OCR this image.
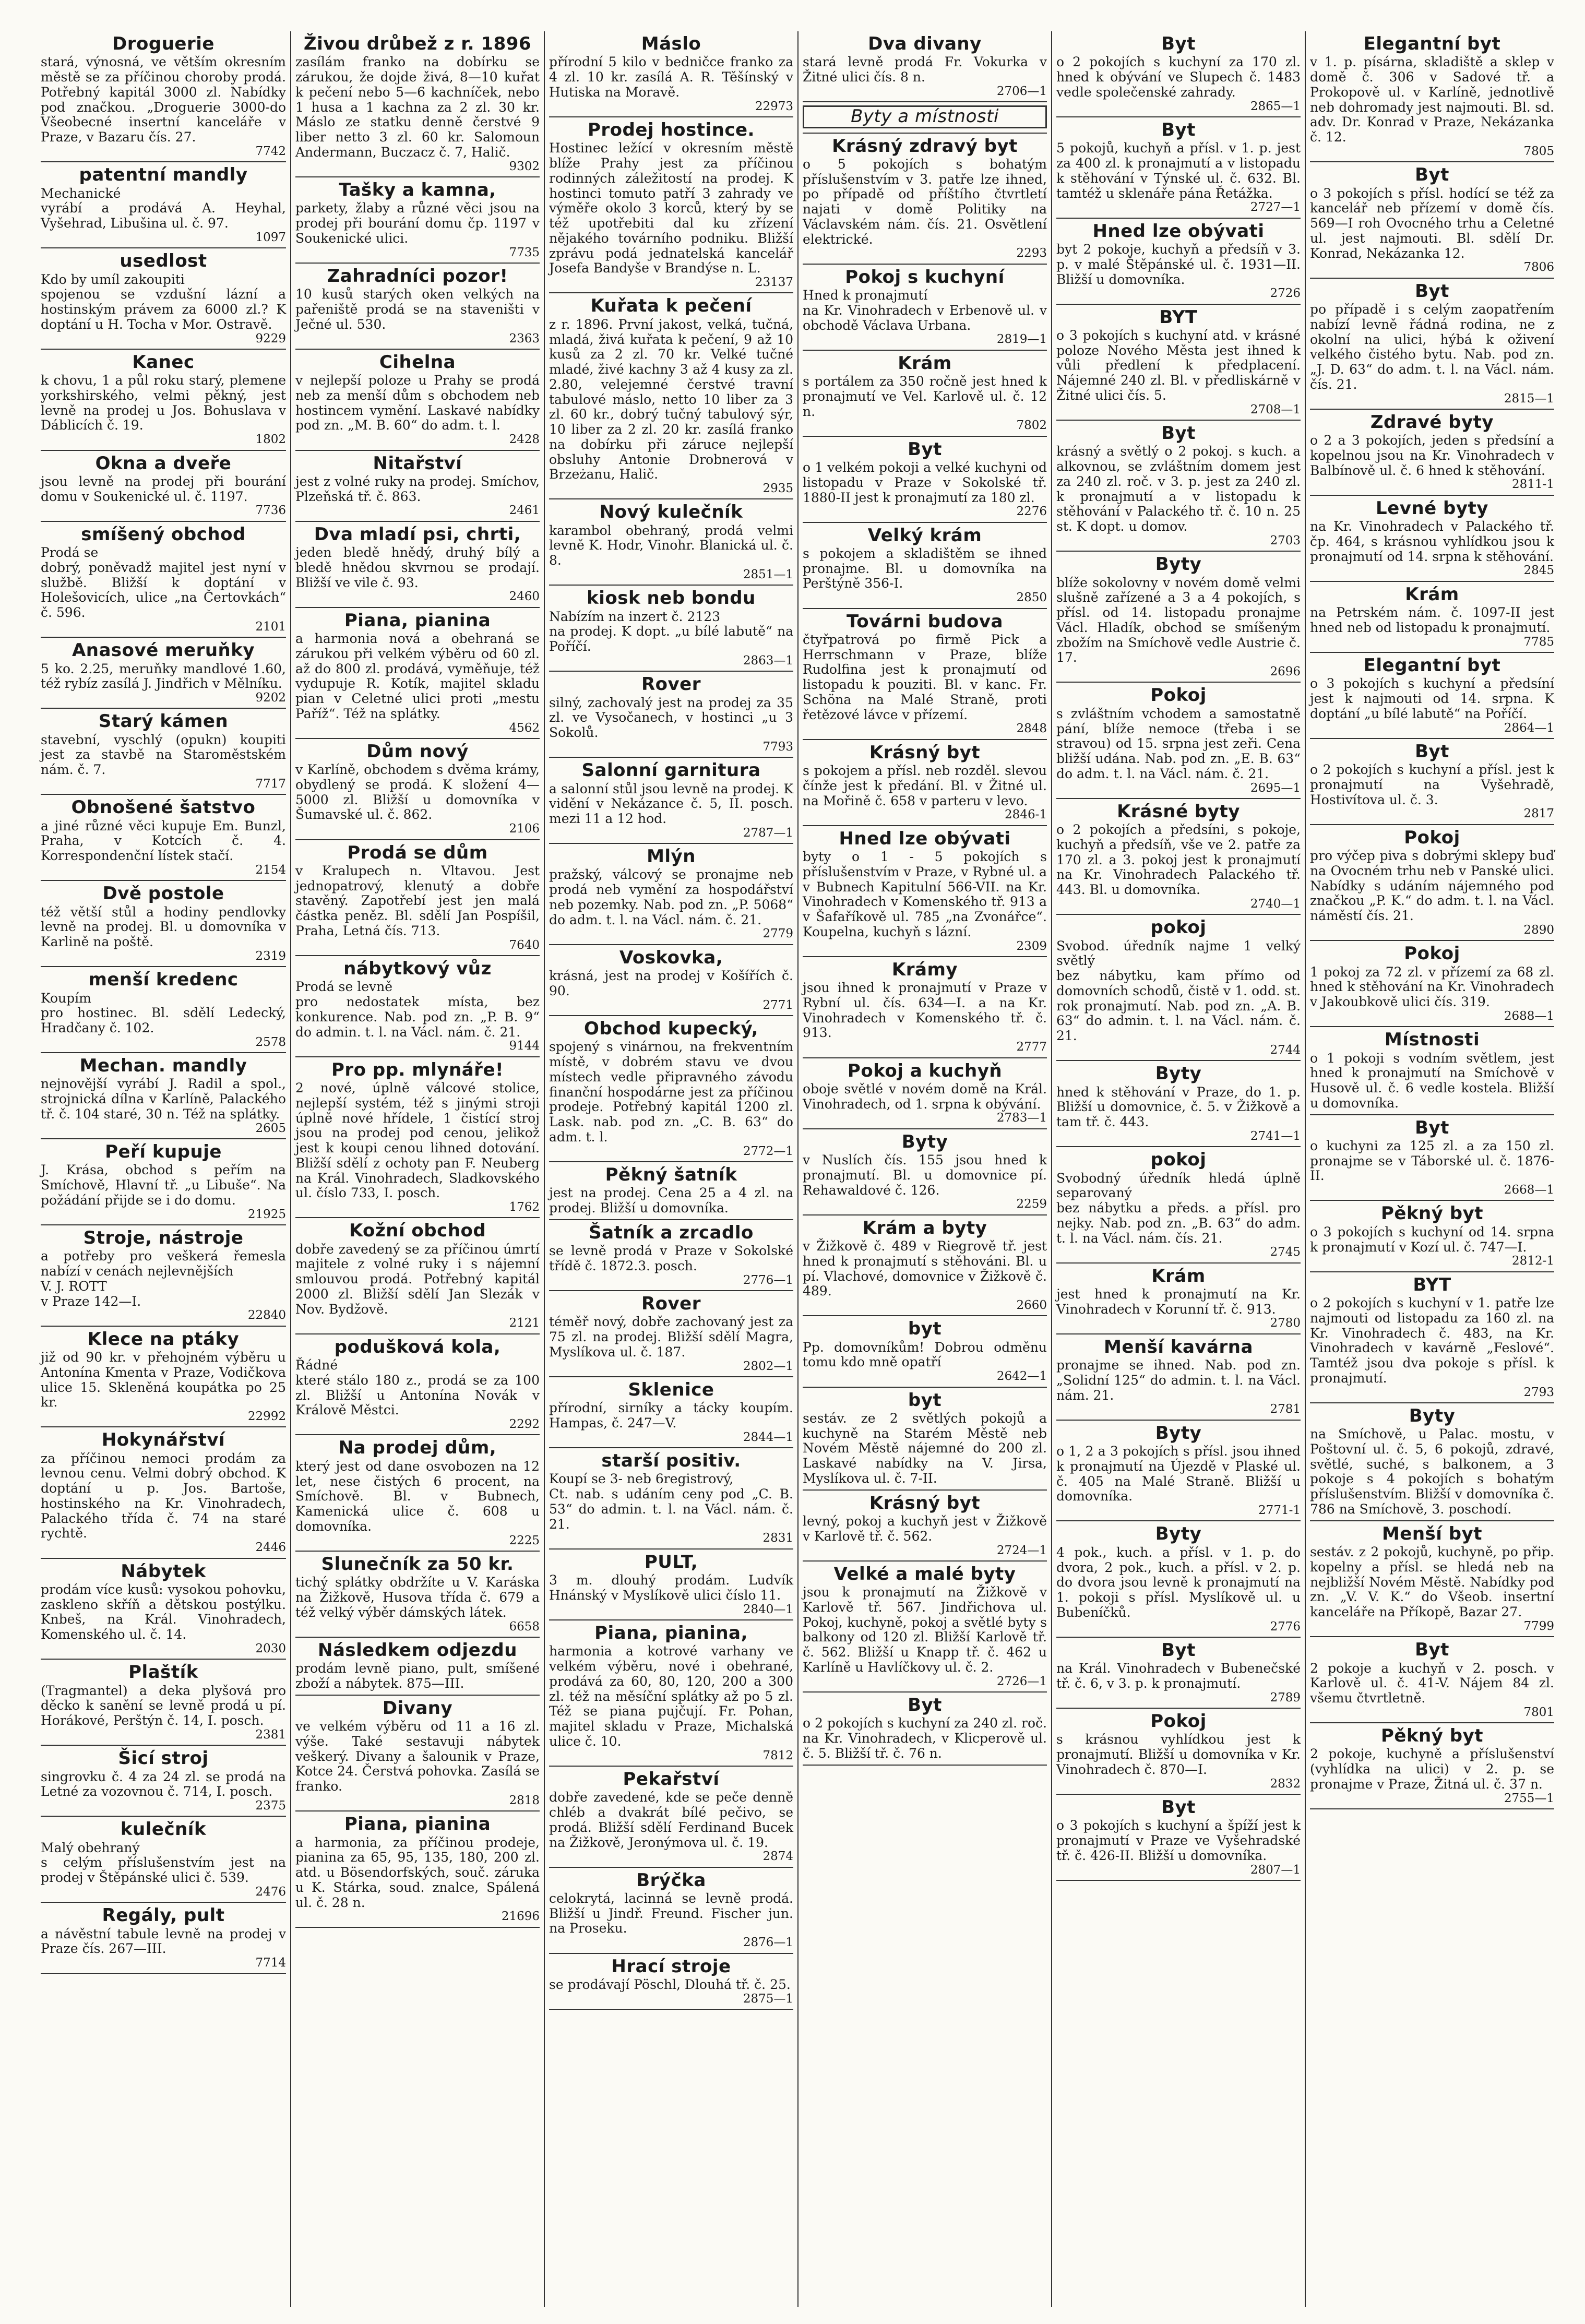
Droguerie
stará, výnosná, ve větším okresním městě se za příčinou choroby prodá. Potřebný kapitál 3000 zl. Nabídky pod značkou. „Droguerie 3000-do Všeobecné insertní kanceláře v Praze, v Bazaru čís. 27.
7742
patentní mandly
Mechanické
vyrábí a prodává A. Heyhal, Vyšehrad, Libušina ul. č. 97.
1097
usedlost
Kdo by umíl zakoupiti
spojenou se vzdušní lázní a hostinským právem za 6000 zl.? K doptání u H. Tocha v Mor. Ostravě.
9229
Kanec
k chovu, 1 a půl roku starý, plemene yorkshirského, velmi pěkný, jest levně na prodej u Jos. Bohuslava v Dáblicích č. 19.
1802
Okna a dveře
jsou levně na prodej při bourání domu v Soukenické ul. č. 1197.
7736
smíšený obchod
Prodá se
dobrý, poněvadž majitel jest nyní v službě. Bližší k doptání v Holešovicích, ulice „na Čertovkách“ č. 596.
2101
Anasové meruňky
5 ko. 2.25, meruňky mandlové 1.60, též rybíz zasílá J. Jindřich v Mělníku.
9202
Starý kámen
stavební, vyschlý (opukn) koupiti jest za stavbě na Staroměstském nám. č. 7.
7717
Obnošené šatstvo
a jiné různé věci kupuje Em. Bunzl, Praha, v Kotcích č. 4. Korrespondenční lístek stačí.
2154
Dvě postole
též větší stůl a hodiny pendlovky levně na prodej. Bl. u domovníka v Karlině na poště.
2319
menší kredenc
Koupím
pro hostinec. Bl. sdělí Ledecký, Hradčany č. 102.
2578
Mechan. mandly
nejnovější vyrábí J. Radil a spol., strojnická dílna v Karlíně, Palackého tř. č. 104 staré, 30 n. Též na splátky.
2605
Peří kupuje
J. Krása, obchod s peřím na Smíchově, Hlavní tř. „u Libuše“. Na požádání přijde se i do domu.
21925
Stroje, nástroje
a potřeby pro veškerá řemesla nabízí v cenách nejlevnějších
V. J. ROTT
v Praze 142—I.
22840
Klece na ptáky
již od 90 kr. v přehojném výběru u Antonína Kmenta v Praze, Vodičkova ulice 15. Skleněná koupátka po 25 kr.
22992
Hokynářství
za příčinou nemoci prodám za levnou cenu. Velmi dobrý obchod. K doptání u p. Jos. Bartoše, hostinského na Kr. Vinohradech, Palackého třída č. 74 na staré rychtě.
2446
Nábytek
prodám více kusů: vysokou pohovku, zaskleno skříň a dětskou postýlku. Knbeš, na Král. Vinohradech, Komenského ul. č. 14.
2030
Plaštík
(Tragmantel) a deka plyšová pro děcko k sanění se levně prodá u pí. Horákové, Perštýn č. 14, I. posch.
2381
Šicí stroj
singrovku č. 4 za 24 zl. se prodá na Letné za vozovnou č. 714, I. posch.
2375
kulečník
Malý obehraný
s celým příslušenstvím jest na prodej v Štěpánské ulici č. 539.
2476
Regály, pult
a návěstní tabule levně na prodej v Praze čís. 267—III.
7714
Živou drůbež z r. 1896
zasílám franko na dobírku se zárukou, že dojde živá, 8—10 kuřat k pečení nebo 5—6 kachníček, nebo 1 husa a 1 kachna za 2 zl. 30 kr. Máslo ze statku denně čerstvé 9 liber netto 3 zl. 60 kr. Salomoun Andermann, Buczacz č. 7, Halič.
9302
Tašky a kamna,
parkety, žlaby a různé věci jsou na prodej při bourání domu čp. 1197 v Soukenické ulici.
7735
Zahradníci pozor!
10 kusů starých oken velkých na pařeniště prodá se na staveništi v Ječné ul. 530.
2363
Cihelna
v nejlepší poloze u Prahy se prodá neb za menší dům s obchodem neb hostincem vymění. Laskavé nabídky pod zn. „M. B. 60“ do adm. t. l.
2428
Nitařství
jest z volné ruky na prodej. Smíchov, Plzeňská tř. č. 863.
2461
Dva mladí psi, chrti,
jeden bledě hnědý, druhý bílý a bledě hnědou skvrnou se prodají. Bližší ve vile č. 93.
2460
Piana, pianina
a harmonia nová a obehraná se zárukou při velkém výběru od 60 zl. až do 800 zl. prodává, vyměňuje, též vydupuje R. Kotík, majitel skladu pian v Celetné ulici proti „mestu Paříž“. Též na splátky.
4562
Dům nový
v Karlíně, obchodem s dvěma krámy, obydlený se prodá. K složení 4—5000 zl. Bližší u domovníka v Šumavské ul. č. 862.
2106
Prodá se dům
v Kralupech n. Vltavou. Jest jednopatrový, klenutý a dobře stavěný. Zapotřebí jest jen malá částka peněz. Bl. sdělí Jan Pospíšil, Praha, Letná čís. 713.
7640
nábytkový vůz
Prodá se levně
pro nedostatek místa, bez konkurence. Nab. pod zn. „P. B. 9“ do admin. t. l. na Václ. nám. č. 21.
9144
Pro pp. mlynáře!
2 nové, úplně válcové stolice, nejlepší systém, též s jinými stroji úplně nové hřídele, 1 čistící stroj jsou na prodej pod cenou, jelikož jest k koupi cenou lihned dotování. Bližší sdělí z ochoty pan F. Neuberg na Král. Vinohradech, Sladkovského ul. číslo 733, I. posch.
1762
Kožní obchod
dobře zavedený se za příčinou úmrtí majitele z volné ruky i s nájemní smlouvou prodá. Potřebný kapitál 2000 zl. Bližší sdělí Jan Slezák v Nov. Bydžově.
2121
podušková kola,
Řádné
které stálo 180 z., prodá se za 100 zl. Bližší u Antonína Novák v Králově Městci.
2292
Na prodej dům,
který jest od dane osvobozen na 12 let, nese čistých 6 procent, na Smíchově. Bl. v Bubnech, Kamenická ulice č. 608 u domovníka.
2225
Slunečník za 50 kr.
tichý splátky obdržíte u V. Karáska na Žižkově, Husova třída č. 679 a též velký výběr dámských látek.
6658
Následkem odjezdu
prodám levně piano, pult, smíšené zboží a nábytek. 875—III.
Divany
ve velkém výběru od 11 a 16 zl. výše. Také sestavuji nábytek veškerý. Divany a šalounik v Praze, Kotce 24. Čerstvá pohovka. Zasílá se franko.
2818
Piana, pianina
a harmonia, za příčinou prodeje, pianina za 65, 95, 135, 180, 200 zl. atd. u Bösendorfských, souč. záruka u K. Stárka, soud. znalce, Spálená ul. č. 28 n.
21696
Máslo
přírodní 5 kilo v bedničce franko za 4 zl. 10 kr. zasílá A. R. Těšínský v Hutiska na Moravě.
22973
Prodej hostince.
Hostinec ležící v okresním městě blíže Prahy jest za příčinou rodinných záležitostí na prodej. K hostinci tomuto patří 3 zahrady ve výměře okolo 3 korců, který by se též upotřebiti dal ku zřízení nějakého továrního podniku. Bližší zprávu podá jednatelská kancelář Josefa Bandyše v Brandýse n. L.
23137
Kuřata k pečení
z r. 1896. První jakost, velká, tučná, mladá, živá kuřata k pečení, 9 až 10 kusů za 2 zl. 70 kr. Velké tučné mladé, živé kachny 3 až 4 kusy za zl. 2.80, velejemné čerstvé travní tabulové máslo, netto 10 liber za 3 zl. 60 kr., dobrý tučný tabulový sýr, 10 liber za 2 zl. 20 kr. zasílá franko na dobírku při záruce nejlepší obsluhy Antonie Drobnerová v Brzeżanu, Halič.
2935
Nový kulečník
karambol obehraný, prodá velmi levně K. Hodr, Vinohr. Blanická ul. č. 8.
2851—1
kiosk neb bondu
Nabízím na inzert č. 2123
na prodej. K dopt. „u bílé labutě“ na Poříčí.
2863—1
Rover
silný, zachovalý jest na prodej za 35 zl. ve Vysočanech, v hostinci „u 3 Sokolů.
7793
Salonní garnitura
a salonní stůl jsou levně na prodej. K vidění v Nekázance č. 5, II. posch. mezi 11 a 12 hod.
2787—1
Mlýn
pražský, válcový se pronajme neb prodá neb vymění za hospodářství neb pozemky. Nab. pod zn. „P. 5068“ do adm. t. l. na Václ. nám. č. 21.
2779
Voskovka,
krásná, jest na prodej v Košířích č. 90.
2771
Obchod kupecký,
spojený s vinárnou, na frekventním místě, v dobrém stavu ve dvou místech vedle připravného závodu finanční hospodárne jest za příčinou prodeje. Potřebný kapitál 1200 zl. Lask. nab. pod zn. „C. B. 63“ do adm. t. l.
2772—1
Pěkný šatník
jest na prodej. Cena 25 a 4 zl. na prodej. Bližší u domovníka.
Šatník a zrcadlo
se levně prodá v Praze v Sokolské třídě č. 1872.3. posch.
2776—1
Rover
téměř nový, dobře zachovaný jest za 75 zl. na prodej. Bližší sdělí Magra, Myslíkova ul. č. 187.
2802—1
Sklenice
přírodní, sirníky a tácky koupím. Hampas, č. 247—V.
2844—1
starší positiv.
Koupí se 3- neb 6registrový,
Ct. nab. s udáním ceny pod „C. B. 53“ do admin. t. l. na Václ. nám. č. 21.
2831
PULT,
3 m. dlouhý prodám. Ludvík Hnánský v Myslíkově ulici číslo 11.
2840—1
Piana, pianina,
harmonia a kotrové varhany ve velkém výběru, nové i obehrané, prodává za 60, 80, 120, 200 a 300 zl. též na měsíční splátky až po 5 zl. Též se piana pujčují. Fr. Pohan, majitel skladu v Praze, Michalská ulice č. 10.
7812
Pekařství
dobře zavedené, kde se peče denně chléb a dvakrát bílé pečivo, se prodá. Bližší sdělí Ferdinand Bucek na Žižkově, Jeronýmova ul. č. 19.
2874
Brýčka
celokrytá, lacinná se levně prodá. Bližší u Jindř. Freund. Fischer jun. na Proseku.
2876—1
Hrací stroje
se prodávají Pöschl, Dlouhá tř. č. 25.
2875—1
Dva divany
stará levně prodá Fr. Vokurka v Žitné ulici čís. 8 n.
2706—1
Byty a místnosti
Krásný zdravý byt
o 5 pokojích s bohatým příslušenstvím v 3. patře lze ihned, po případě od příštího čtvrtletí najati v domě Politiky na Václavském nám. čís. 21. Osvětlení elektrické.
2293
Pokoj s kuchyní
Hned k pronajmutí
na Kr. Vinohradech v Erbenově ul. v obchodě Václava Urbana.
2819—1
Krám
s portálem za 350 ročně jest hned k pronajmutí ve Vel. Karlově ul. č. 12 n.
7802
Byt
o 1 velkém pokoji a velké kuchyni od listopadu v Praze v Sokolské tř. 1880-II jest k pronajmutí za 180 zl.
2276
Velký krám
s pokojem a skladištěm se ihned pronajme. Bl. u domovníka na Perštýně 356-I.
2850
Továrni budova
čtyřpatrová po firmě Pick a Herrschmann v Praze, blíže Rudolfina jest k pronajmutí od listopadu k pouziti. Bl. v kanc. Fr. Schöna na Malé Straně, proti řetězové lávce v přízemí.
2848
Krásný byt
s pokojem a přísl. neb rozděl. slevou čínže jest k předání. Bl. v Žitné ul. na Mořině č. 658 v parteru v levo.
2846-1
Hned lze obývati
byty o 1 - 5 pokojích s příslušenstvím v Praze, v Rybné ul. a v Bubnech Kapitulní 566-VII. na Kr. Vinohradech v Komenského tř. 913 a v Šafaříkově ul. 785 „na Zvonářce“. Koupelna, kuchyň s lázní.
2309
Krámy
jsou ihned k pronajmutí v Praze v Rybní ul. čís. 634—I. a na Kr. Vinohradech v Komenského tř. č. 913.
2777
Pokoj a kuchyň
oboje světlé v novém domě na Král. Vinohradech, od 1. srpna k obývání.
2783—1
Byty
v Nuslích čís. 155 jsou hned k pronajmutí. Bl. u domovnice pí. Rehawaldové č. 126.
2259
Krám a byty
v Žižkově č. 489 v Riegrově tř. jest hned k pronajmutí s stěhováni. Bl. u pí. Vlachové, domovnice v Žižkově č. 489.
2660
byt
Pp. domovníkům! Dobrou odměnu tomu kdo mně opatří
2642—1
byt
sestáv. ze 2 světlých pokojů a kuchyně na Starém Městě neb Novém Městě nájemné do 200 zl. Laskavé nabídky na V. Jirsa, Myslíkova ul. č. 7-II.
Krásný byt
levný, pokoj a kuchyň jest v Žižkově v Karlově tř. č. 562.
2724—1
Velké a malé byty
jsou k pronajmutí na Žižkově v Karlově tř. 567. Jindřichova ul. Pokoj, kuchyně, pokoj a světlé byty s balkony od 120 zl. Bližší Karlově tř. č. 562. Bližší u Knapp tř. č. 462 u Karlíně u Havlíčkovy ul. č. 2.
2726—1
Byt
o 2 pokojích s kuchyní za 240 zl. roč. na Kr. Vinohradech, v Klicperově ul. č. 5. Bližší tř. č. 76 n.
Byt
o 2 pokojích s kuchyní za 170 zl. hned k obývání ve Slupech č. 1483 vedle společenské zahrady.
2865—1
Byt
5 pokojů, kuchyň a přísl. v 1. p. jest za 400 zl. k pronajmutí a v listopadu k stěhování v Týnské ul. č. 632. Bl. tamtéž u sklenáře pána Řetážka.
2727—1
Hned lze obývati
byt 2 pokoje, kuchyň a předsíň v 3. p. v malé Štěpánské ul. č. 1931—II. Bližší u domovníka.
2726
BYT
o 3 pokojích s kuchyní atd. v krásné poloze Nového Města jest ihned k vůli předlení k předplacení. Nájemné 240 zl. Bl. v předliskárně v Žitné ulici čís. 5.
2708—1
Byt
krásný a světlý o 2 pokoj. s kuch. a alkovnou, se zvláštním domem jest za 240 zl. roč. v 3. p. jest za 240 zl. k pronajmutí a v listopadu k stěhování v Palackého tř. č. 10 n. 25 st. K dopt. u domov.
2703
Byty
blíže sokolovny v novém domě velmi slušně zařízené a 3 a 4 pokojích, s přísl. od 14. listopadu pronajme Václ. Hladík, obchod se smíšeným zbožím na Smíchově vedle Austrie č. 17.
2696
Pokoj
s zvláštním vchodem a samostatně pání, blíže nemoce (třeba i se stravou) od 15. srpna jest zeři. Cena bližší udána. Nab. pod zn. „E. B. 63“ do adm. t. l. na Václ. nám. č. 21.
2695—1
Krásné byty
o 2 pokojích a předsíni, s pokoje, kuchyň a předsíň, vše ve 2. patře za 170 zl. a 3. pokoj jest k pronajmutí na Kr. Vinohradech Palackého tř. 443. Bl. u domovníka.
2740—1
pokoj
Svobod. úředník najme 1 velký světlý
bez nábytku, kam přímo od domovních schodů, čistě v 1. odd. st. rok pronajmutí. Nab. pod zn. „A. B. 63“ do admin. t. l. na Václ. nám. č. 21.
2744
Byty
hned k stěhování v Praze, do 1. p. Bližší u domovnice, č. 5. v Žižkově a tam tř. č. 443.
2741—1
pokoj
Svobodný úředník hledá úplně separovaný
bez nábytku a předs. a přísl. pro nejky. Nab. pod zn. „B. 63“ do adm. t. l. na Václ. nám. čís. 21.
2745
Krám
jest hned k pronajmutí na Kr. Vinohradech v Korunní tř. č. 913.
2780
Menší kavárna
pronajme se ihned. Nab. pod zn. „Solidní 125“ do admin. t. l. na Václ. nám. 21.
2781
Byty
o 1, 2 a 3 pokojích s přísl. jsou ihned k pronajmutí na Újezdě v Plaské ul. č. 405 na Malé Straně. Bližší u domovníka.
2771-1
Byty
4 pok., kuch. a přísl. v 1. p. do dvora, 2 pok., kuch. a přísl. v 2. p. do dvora jsou levně k pronajmutí na 1. pokoji s přísl. Myslíkově ul. u Bubeníčků.
2776
Byt
na Král. Vinohradech v Bubenečské tř. č. 6, v 3. p. k pronajmutí.
2789
Pokoj
s krásnou vyhlídkou jest k pronajmutí. Bližší u domovníka v Kr. Vinohradech č. 870—I.
2832
Byt
o 3 pokojích s kuchyní a špíží jest k pronajmutí v Praze ve Vyšehradské tř. č. 426-II. Bližší u domovníka.
2807—1
Elegantní byt
v 1. p. písárna, skladiště a sklep v domě č. 306 v Sadové tř. a Prokopově ul. v Karlíně, jednotlivě neb dohromady jest najmouti. Bl. sd. adv. Dr. Konrad v Praze, Nekázanka č. 12.
7805
Byt
o 3 pokojích s přísl. hodící se též za kancelář neb přízemí v domě čís. 569—I roh Ovocného trhu a Celetné ul. jest najmouti. Bl. sdělí Dr. Konrad, Nekázanka 12.
7806
Byt
po případě i s celým zaopatřením nabízí levně řádná rodina, ne z okolní na ulici, hýbá k oživení velkého čistého bytu. Nab. pod zn. „J. D. 63“ do adm. t. l. na Václ. nám. čís. 21.
2815—1
Zdravé byty
o 2 a 3 pokojích, jeden s předsíní a kopelnou jsou na Kr. Vinohradech v Balbínově ul. č. 6 hned k stěhování.
2811-1
Levné byty
na Kr. Vinohradech v Palackého tř. čp. 464, s krásnou vyhlídkou jsou k pronajmutí od 14. srpna k stěhování.
2845
Krám
na Petrském nám. č. 1097-II jest hned neb od listopadu k pronajmutí.
7785
Elegantní byt
o 3 pokojích s kuchyní a předsíní jest k najmouti od 14. srpna. K doptání „u bílé labutě“ na Poříčí.
2864—1
Byt
o 2 pokojích s kuchyní a přísl. jest k pronajmutí na Vyšehradě, Hostivítova ul. č. 3.
2817
Pokoj
pro výčep piva s dobrými sklepy buď na Ovocném trhu neb v Panské ulici. Nabídky s udáním nájemného pod značkou „P. K.“ do adm. t. l. na Václ. náměstí čís. 21.
2890
Pokoj
1 pokoj za 72 zl. v přízemí za 68 zl. hned k stěhování na Kr. Vinohradech v Jakoubkově ulici čís. 319.
2688—1
Místnosti
o 1 pokoji s vodním světlem, jest hned k pronajmutí na Smíchově v Husově ul. č. 6 vedle kostela. Bližší u domovníka.
Byt
o kuchyni za 125 zl. a za 150 zl. pronajme se v Táborské ul. č. 1876-II.
2668—1
Pěkný byt
o 3 pokojích s kuchyní od 14. srpna k pronajmutí v Kozí ul. č. 747—I.
2812-1
BYT
o 2 pokojích s kuchyní v 1. patře lze najmouti od listopadu za 160 zl. na Kr. Vinohradech č. 483, na Kr. Vinohradech v kavárně „Feslové“. Tamtéž jsou dva pokoje s přísl. k pronajmutí.
2793
Byty
na Smíchově, u Palac. mostu, v Poštovní ul. č. 5, 6 pokojů, zdravé, světlé, suché, s balkonem, a 3 pokoje s 4 pokojích s bohatým příslušenstvím. Bližší v domovníka č. 786 na Smíchově, 3. poschodí.
Menší byt
sestáv. z 2 pokojů, kuchyně, po přip. kopelny a přísl. se hledá neb na nejbližší Novém Městě. Nabídky pod zn. „V. V. K.“ do Všeob. insertní kanceláře na Příkopě, Bazar 27.
7799
Byt
2 pokoje a kuchyň v 2. posch. v Karlově ul. č. 41-V. Nájem 84 zl. všemu čtvrtletně.
7801
Pěkný byt
2 pokoje, kuchyně a příslušenství (vyhlídka na ulici) v 2. p. se pronajme v Praze, Žitná ul. č. 37 n.
2755—1
